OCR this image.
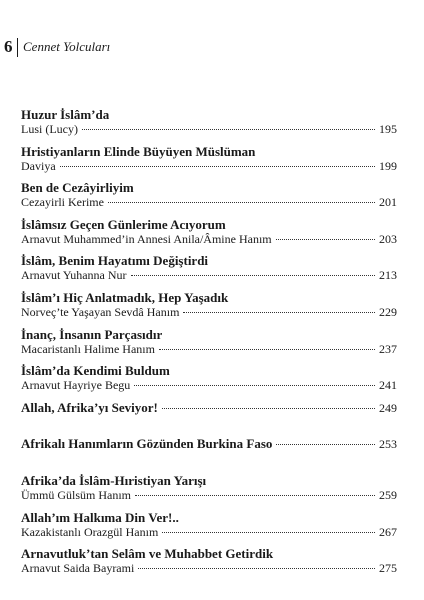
6 Cennet Yolcuları
Huzur İslâm’da
Lusi (Lucy)	195
Hristiyanların Elinde Büyüyen Müslüman
Daviya	199
Ben de Cezâyirliyim
Cezayirli Kerime	201
İslâmsız Geçen Günlerime Acıyorum
Arnavut Muhammed’in Annesi Anila/Âmine Hanım	203
İslâm, Benim Hayatımı Değiştirdi
Arnavut Yuhanna Nur	213
İslâm’ı Hiç Anlatmadık, Hep Yaşadık
Norveç’te Yaşayan Sevdâ Hanım	229
İnanç, İnsanın Parçasıdır
Macaristanlı Halime Hanım	237
İslâm’da Kendimi Buldum
Arnavut Hayriye Begu	241
Allah, Afrika’yı Seviyor!	249
Afrikalı Hanımların Gözünden Burkina Faso	253
Afrika’da İslâm-Hıristiyan Yarışı
Ümmü Gülsüm Hanım	259
Allah’ım Halkıma Din Ver!..
Kazakistanlı Orazgül Hanım	267
Arnavutluk’tan Selâm ve Muhabbet Getirdik
Arnavut Saida Bayrami	275
